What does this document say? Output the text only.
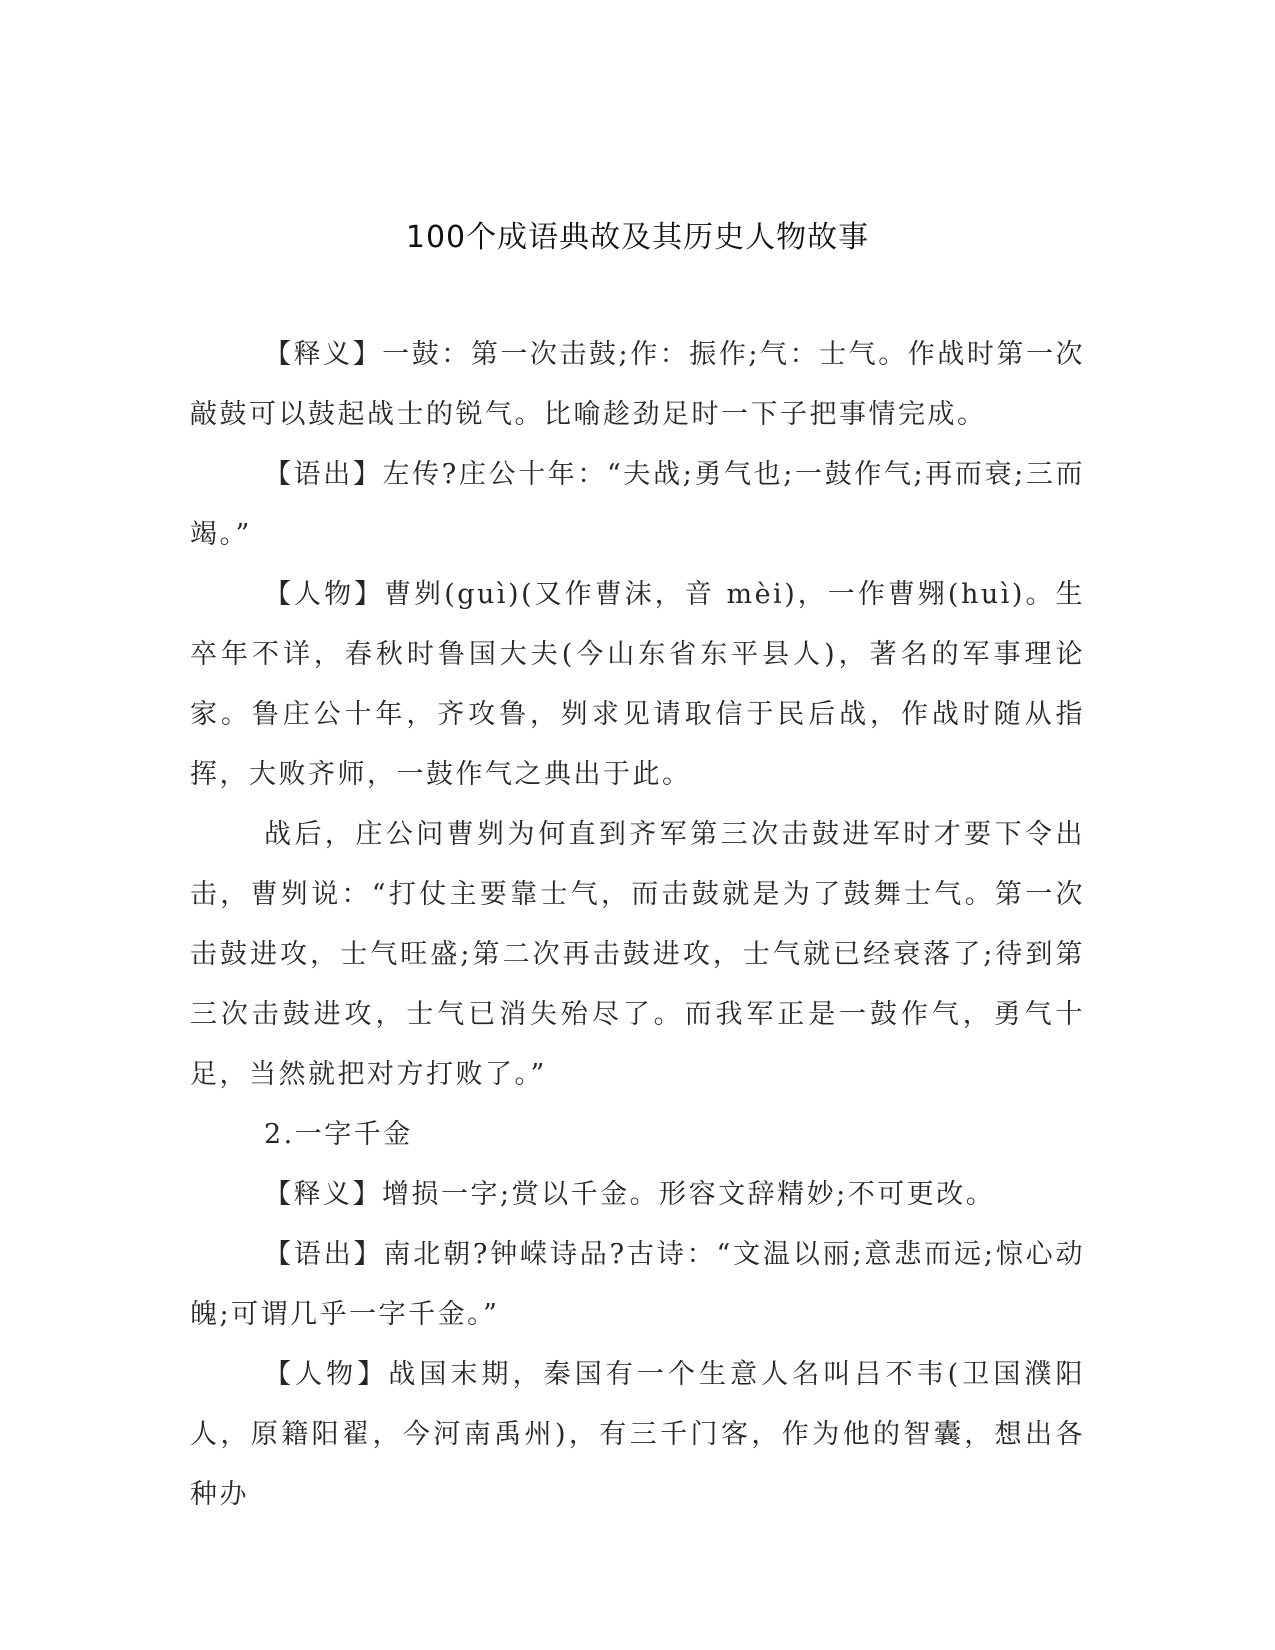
100个成语典故及其历史人物故事

【释义】一鼓：第一次击鼓;作：振作;气：士气。作战时第一次敲鼓可以鼓起战士的锐气。比喻趁劲足时一下子把事情完成。

【语出】左传?庄公十年：“夫战;勇气也;一鼓作气;再而衰;三而竭。”

【人物】曹刿(guì)(又作曹沫，音 mèi)，一作曹翙(huì)。生卒年不详，春秋时鲁国大夫(今山东省东平县人)，著名的军事理论家。鲁庄公十年，齐攻鲁，刿求见请取信于民后战，作战时随从指挥，大败齐师，一鼓作气之典出于此。

战后，庄公问曹刿为何直到齐军第三次击鼓进军时才要下令出击，曹刿说：“打仗主要靠士气，而击鼓就是为了鼓舞士气。第一次击鼓进攻，士气旺盛;第二次再击鼓进攻，士气就已经衰落了;待到第三次击鼓进攻，士气已消失殆尽了。而我军正是一鼓作气，勇气十足，当然就把对方打败了。”

2.一字千金

【释义】增损一字;赏以千金。形容文辞精妙;不可更改。

【语出】南北朝?钟嵘诗品?古诗：“文温以丽;意悲而远;惊心动魄;可谓几乎一字千金。”

【人物】战国末期，秦国有一个生意人名叫吕不韦(卫国濮阳人，原籍阳翟，今河南禹州)，有三千门客，作为他的智囊，想出各种办
